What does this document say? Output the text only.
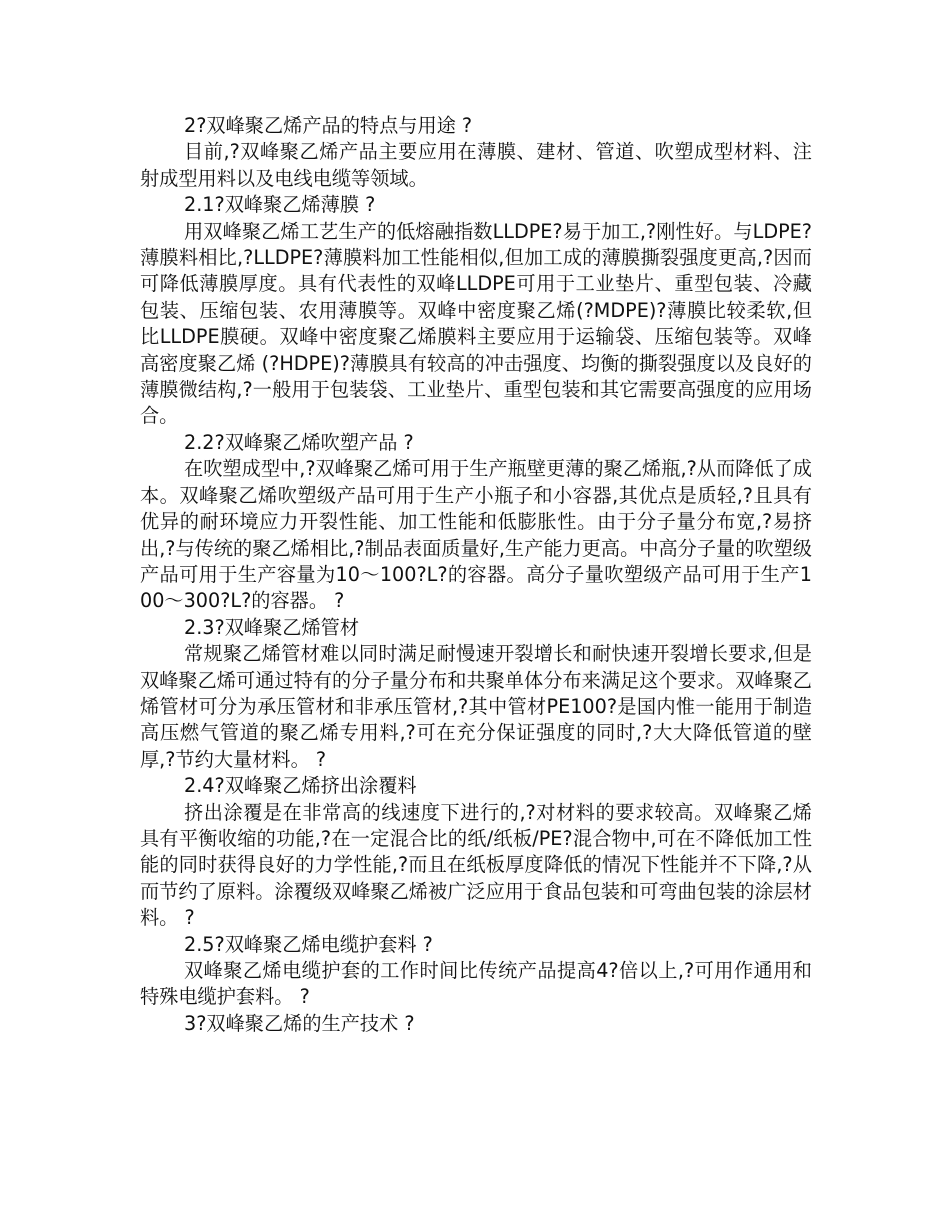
2?双峰聚乙烯产品的特点与用途 ?

目前,?双峰聚乙烯产品主要应用在薄膜、建材、管道、吹塑成型材料、注射成型用料以及电线电缆等领域。

2.1?双峰聚乙烯薄膜 ?

用双峰聚乙烯工艺生产的低熔融指数LLDPE?易于加工,?刚性好。与LDPE?薄膜料相比,?LLDPE?薄膜料加工性能相似,但加工成的薄膜撕裂强度更高,?因而可降低薄膜厚度。具有代表性的双峰LLDPE可用于工业垫片、重型包装、冷藏包装、压缩包装、农用薄膜等。双峰中密度聚乙烯(?MDPE)?薄膜比较柔软,但比LLDPE膜硬。双峰中密度聚乙烯膜料主要应用于运输袋、压缩包装等。双峰高密度聚乙烯 (?HDPE)?薄膜具有较高的冲击强度、均衡的撕裂强度以及良好的薄膜微结构,?一般用于包装袋、工业垫片、重型包装和其它需要高强度的应用场合。

2.2?双峰聚乙烯吹塑产品 ?

在吹塑成型中,?双峰聚乙烯可用于生产瓶壁更薄的聚乙烯瓶,?从而降低了成本。双峰聚乙烯吹塑级产品可用于生产小瓶子和小容器,其优点是质轻,?且具有优异的耐环境应力开裂性能、加工性能和低膨胀性。由于分子量分布宽,?易挤出,?与传统的聚乙烯相比,?制品表面质量好,生产能力更高。中高分子量的吹塑级产品可用于生产容量为10～100?L?的容器。高分子量吹塑级产品可用于生产100～300?L?的容器。 ?

2.3?双峰聚乙烯管材

常规聚乙烯管材难以同时满足耐慢速开裂增长和耐快速开裂增长要求,但是双峰聚乙烯可通过特有的分子量分布和共聚单体分布来满足这个要求。双峰聚乙烯管材可分为承压管材和非承压管材,?其中管材PE100?是国内惟一能用于制造高压燃气管道的聚乙烯专用料,?可在充分保证强度的同时,?大大降低管道的壁厚,?节约大量材料。 ?

2.4?双峰聚乙烯挤出涂覆料

挤出涂覆是在非常高的线速度下进行的,?对材料的要求较高。双峰聚乙烯具有平衡收缩的功能,?在一定混合比的纸/纸板/PE?混合物中,可在不降低加工性能的同时获得良好的力学性能,?而且在纸板厚度降低的情况下性能并不下降,?从而节约了原料。涂覆级双峰聚乙烯被广泛应用于食品包装和可弯曲包装的涂层材料。 ?

2.5?双峰聚乙烯电缆护套料 ?

双峰聚乙烯电缆护套的工作时间比传统产品提高4?倍以上,?可用作通用和特殊电缆护套料。 ?

3?双峰聚乙烯的生产技术 ?
